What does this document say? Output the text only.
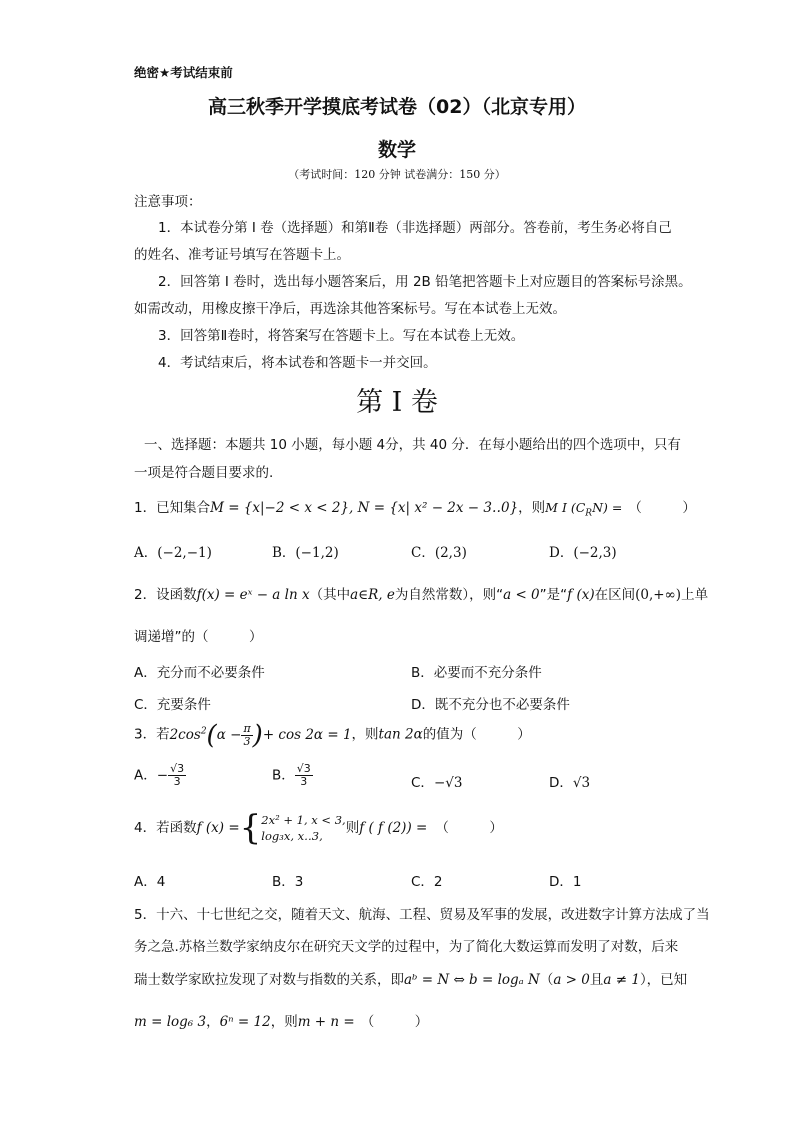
绝密★考试结束前
高三秋季开学摸底考试卷（02）（北京专用）
数学
（考试时间：120 分钟 试卷满分：150 分）
注意事项：
1．本试卷分第 I 卷（选择题）和第Ⅱ卷（非选择题）两部分。答卷前，考生务必将自己
的姓名、准考证号填写在答题卡上。
2．回答第 I 卷时，选出每小题答案后，用 2B 铅笔把答题卡上对应题目的答案标号涂黑。
如需改动，用橡皮擦干净后，再选涂其他答案标号。写在本试卷上无效。
3．回答第Ⅱ卷时，将答案写在答题卡上。写在本试卷上无效。
4．考试结束后，将本试卷和答题卡一并交回。
第 I 卷
一、选择题：本题共 10 小题，每小题 4分，共 40 分．在每小题给出的四个选项中，只有
一项是符合题目要求的.
1．已知集合M = {x|−2 < x < 2}, N = {x| x² − 2x − 3‥0}，则M I $(C_RN)$ = （　　　）
A．(−2,−1)	B．(−1,2)	C．(2,3)	D．(−2,3)
2．设函数f(x) = eˣ − a ln x（其中a∈R, e为自然常数），则“a < 0”是“f (x)在区间(0,+∞)上单
调递增”的（　　　）
A．充分而不必要条件	B．必要而不充分条件
C．充要条件	D．既不充分也不必要条件
3．若$2\cos^2(\alpha - \frac{\pi}{3}$ )+ cos 2α = 1，则tan 2α的值为（　　　）
A．− $\frac{√3}{3}$	B． $\frac{√3}{3}$	C．−√3	D．√3
4．若函数f (x) ={ 2x² + 1, x < 3,
log₃x, x‥3,	则f ( f (2)) = （　　　）
A．4	B．3	C．2	D．1
5．十六、十七世纪之交，随着天文、航海、工程、贸易及军事的发展，改进数字计算方法成了当
务之急.苏格兰数学家纳皮尔在研究天文学的过程中，为了简化大数运算而发明了对数，后来
瑞士数学家欧拉发现了对数与指数的关系，即aᵇ = N ⇔ b = logₐ N（a > 0且a ≠ 1），已知
m = log₆ 3，6ⁿ = 12，则m + n = （　　　）
